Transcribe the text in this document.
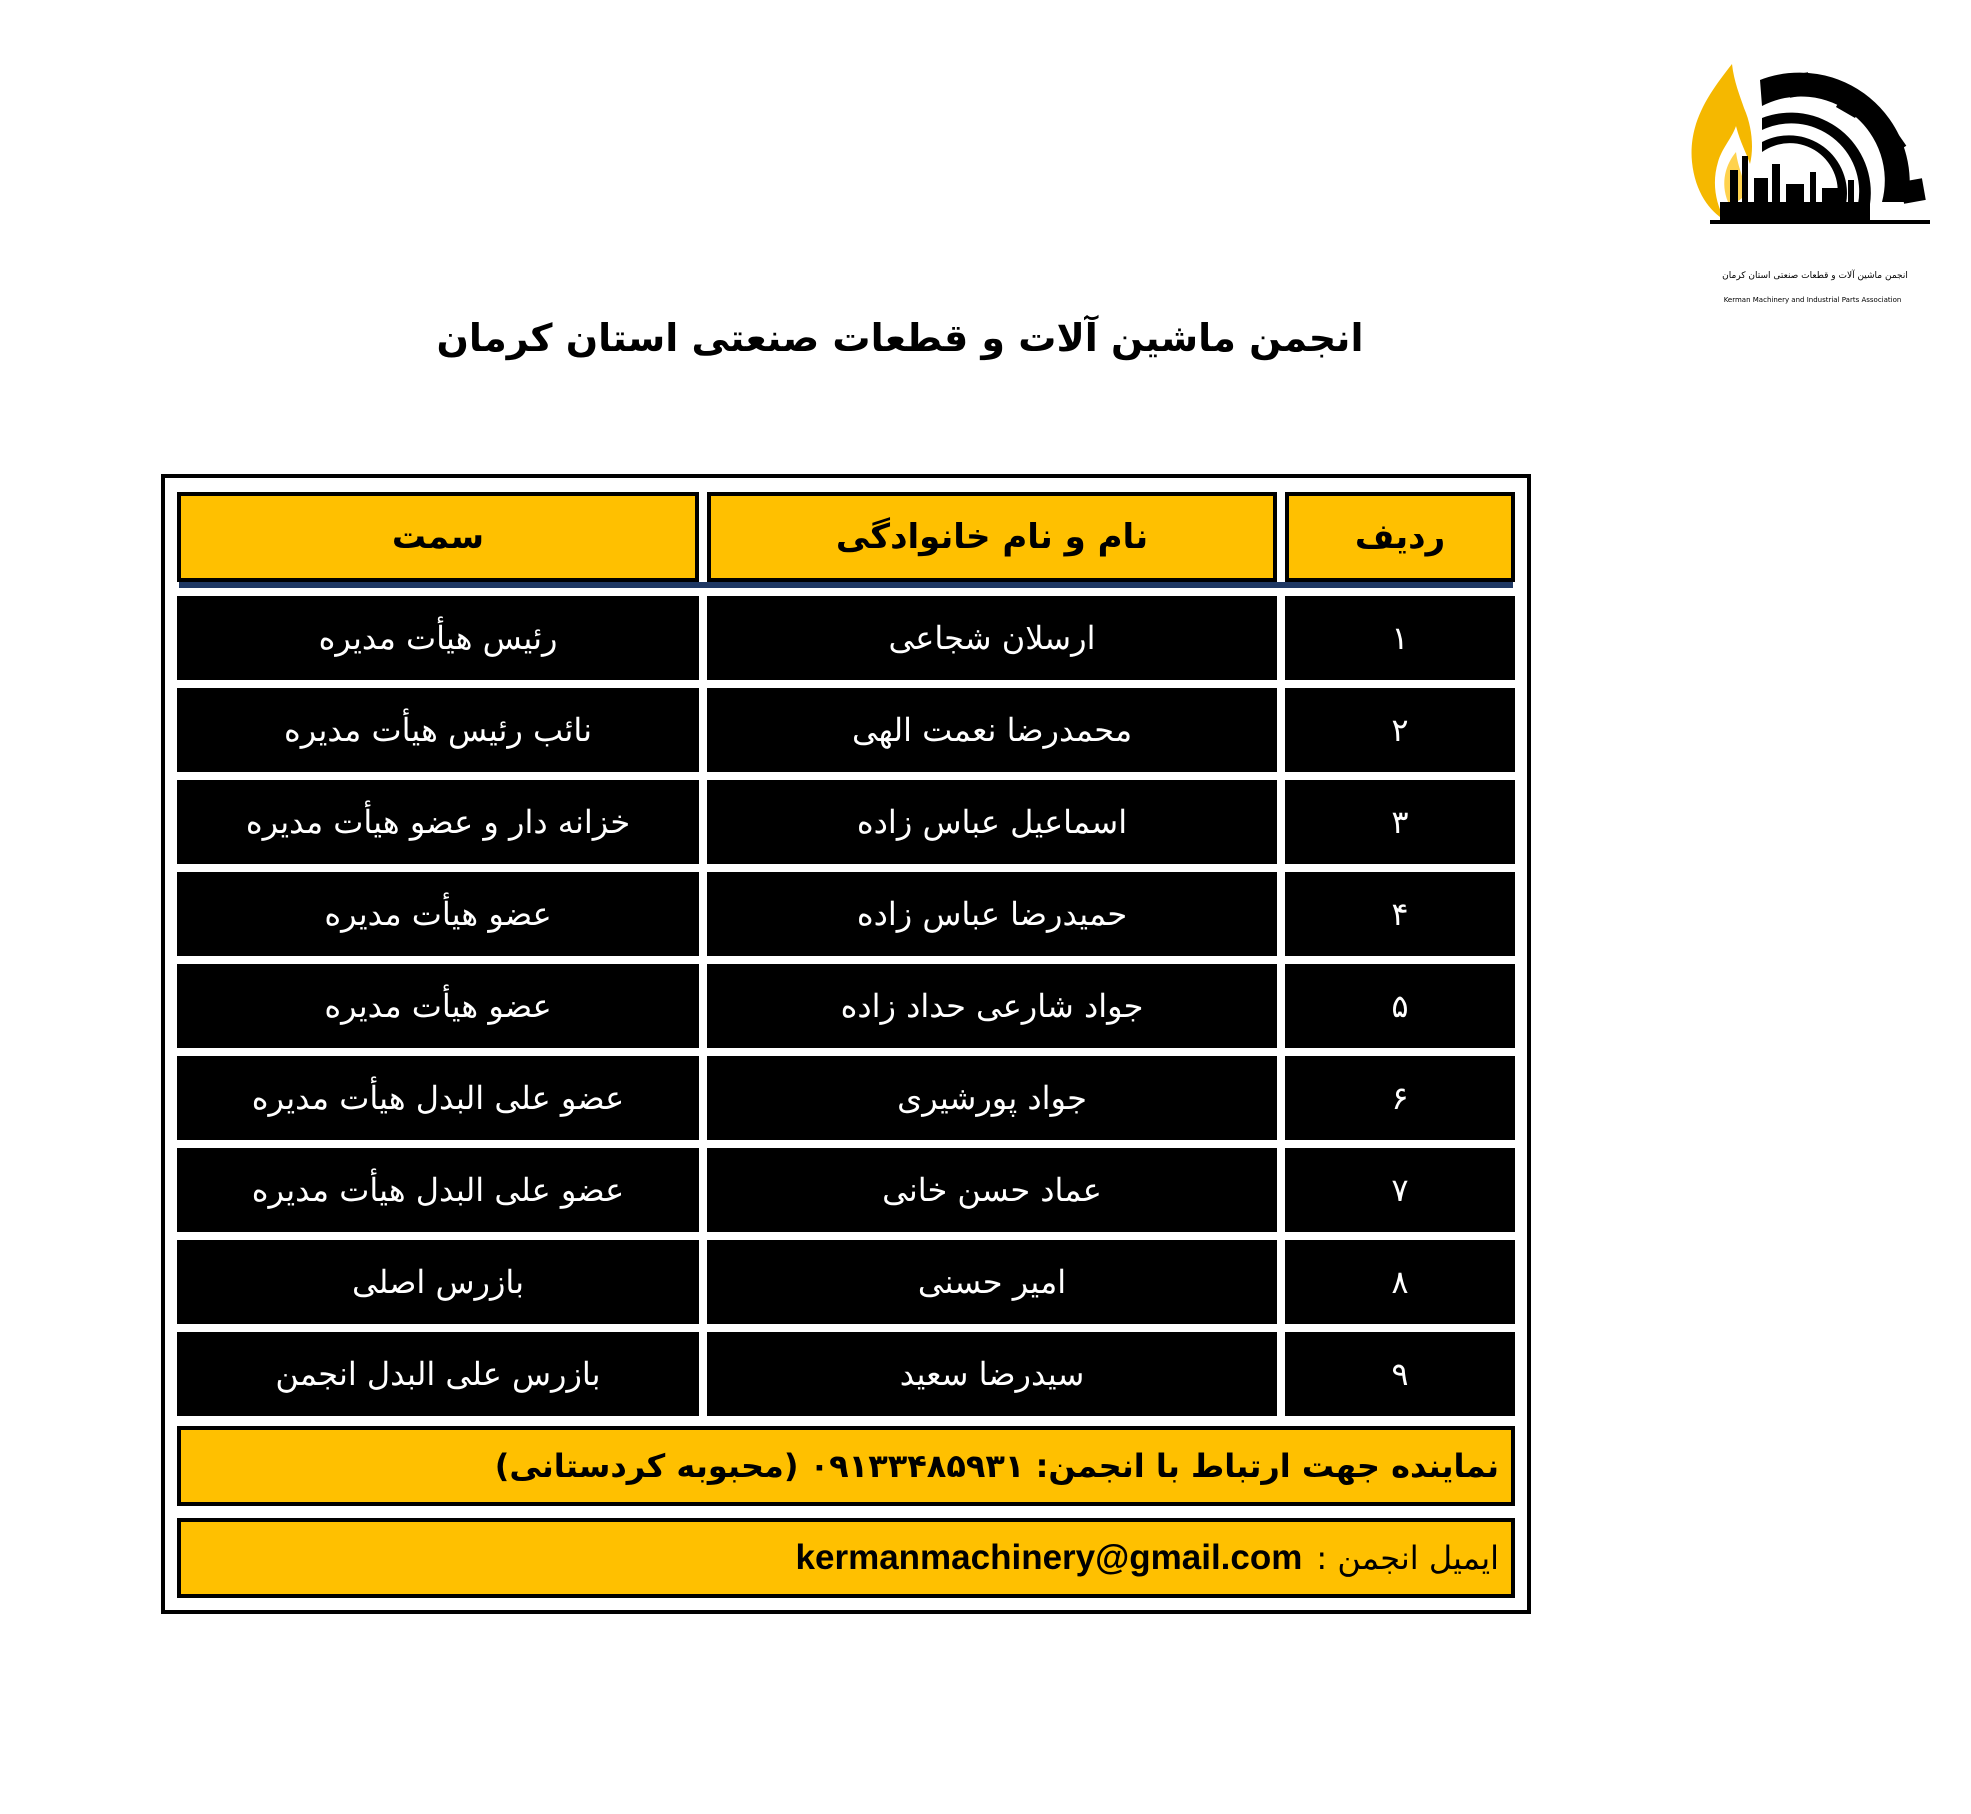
انجمن ماشین آلات و قطعات صنعتی استان کرمان
Kerman Machinery and Industrial Parts Association
انجمن ماشین آلات و قطعات صنعتی استان کرمان
سمت	نام و نام خانوادگی	ردیف
رئیس هیأت مدیره	ارسلان شجاعی	۱
نائب رئیس هیأت مدیره	محمدرضا نعمت الهی	۲
خزانه دار و عضو هیأت مدیره	اسماعیل عباس زاده	۳
عضو هیأت مدیره	حمیدرضا عباس زاده	۴
عضو هیأت مدیره	جواد شارعی حداد زاده	۵
عضو علی البدل هیأت مدیره	جواد پورشیری	۶
عضو علی البدل هیأت مدیره	عماد حسن خانی	۷
بازرس اصلی	امیر حسنی	۸
بازرس علی البدل انجمن	سیدرضا سعید	۹
نماینده جهت ارتباط با انجمن: ۰۹۱۳۳۴۸۵۹۳۱ (محبوبه کردستانی)
ایمیل انجمن :
kermanmachinery@gmail.com
